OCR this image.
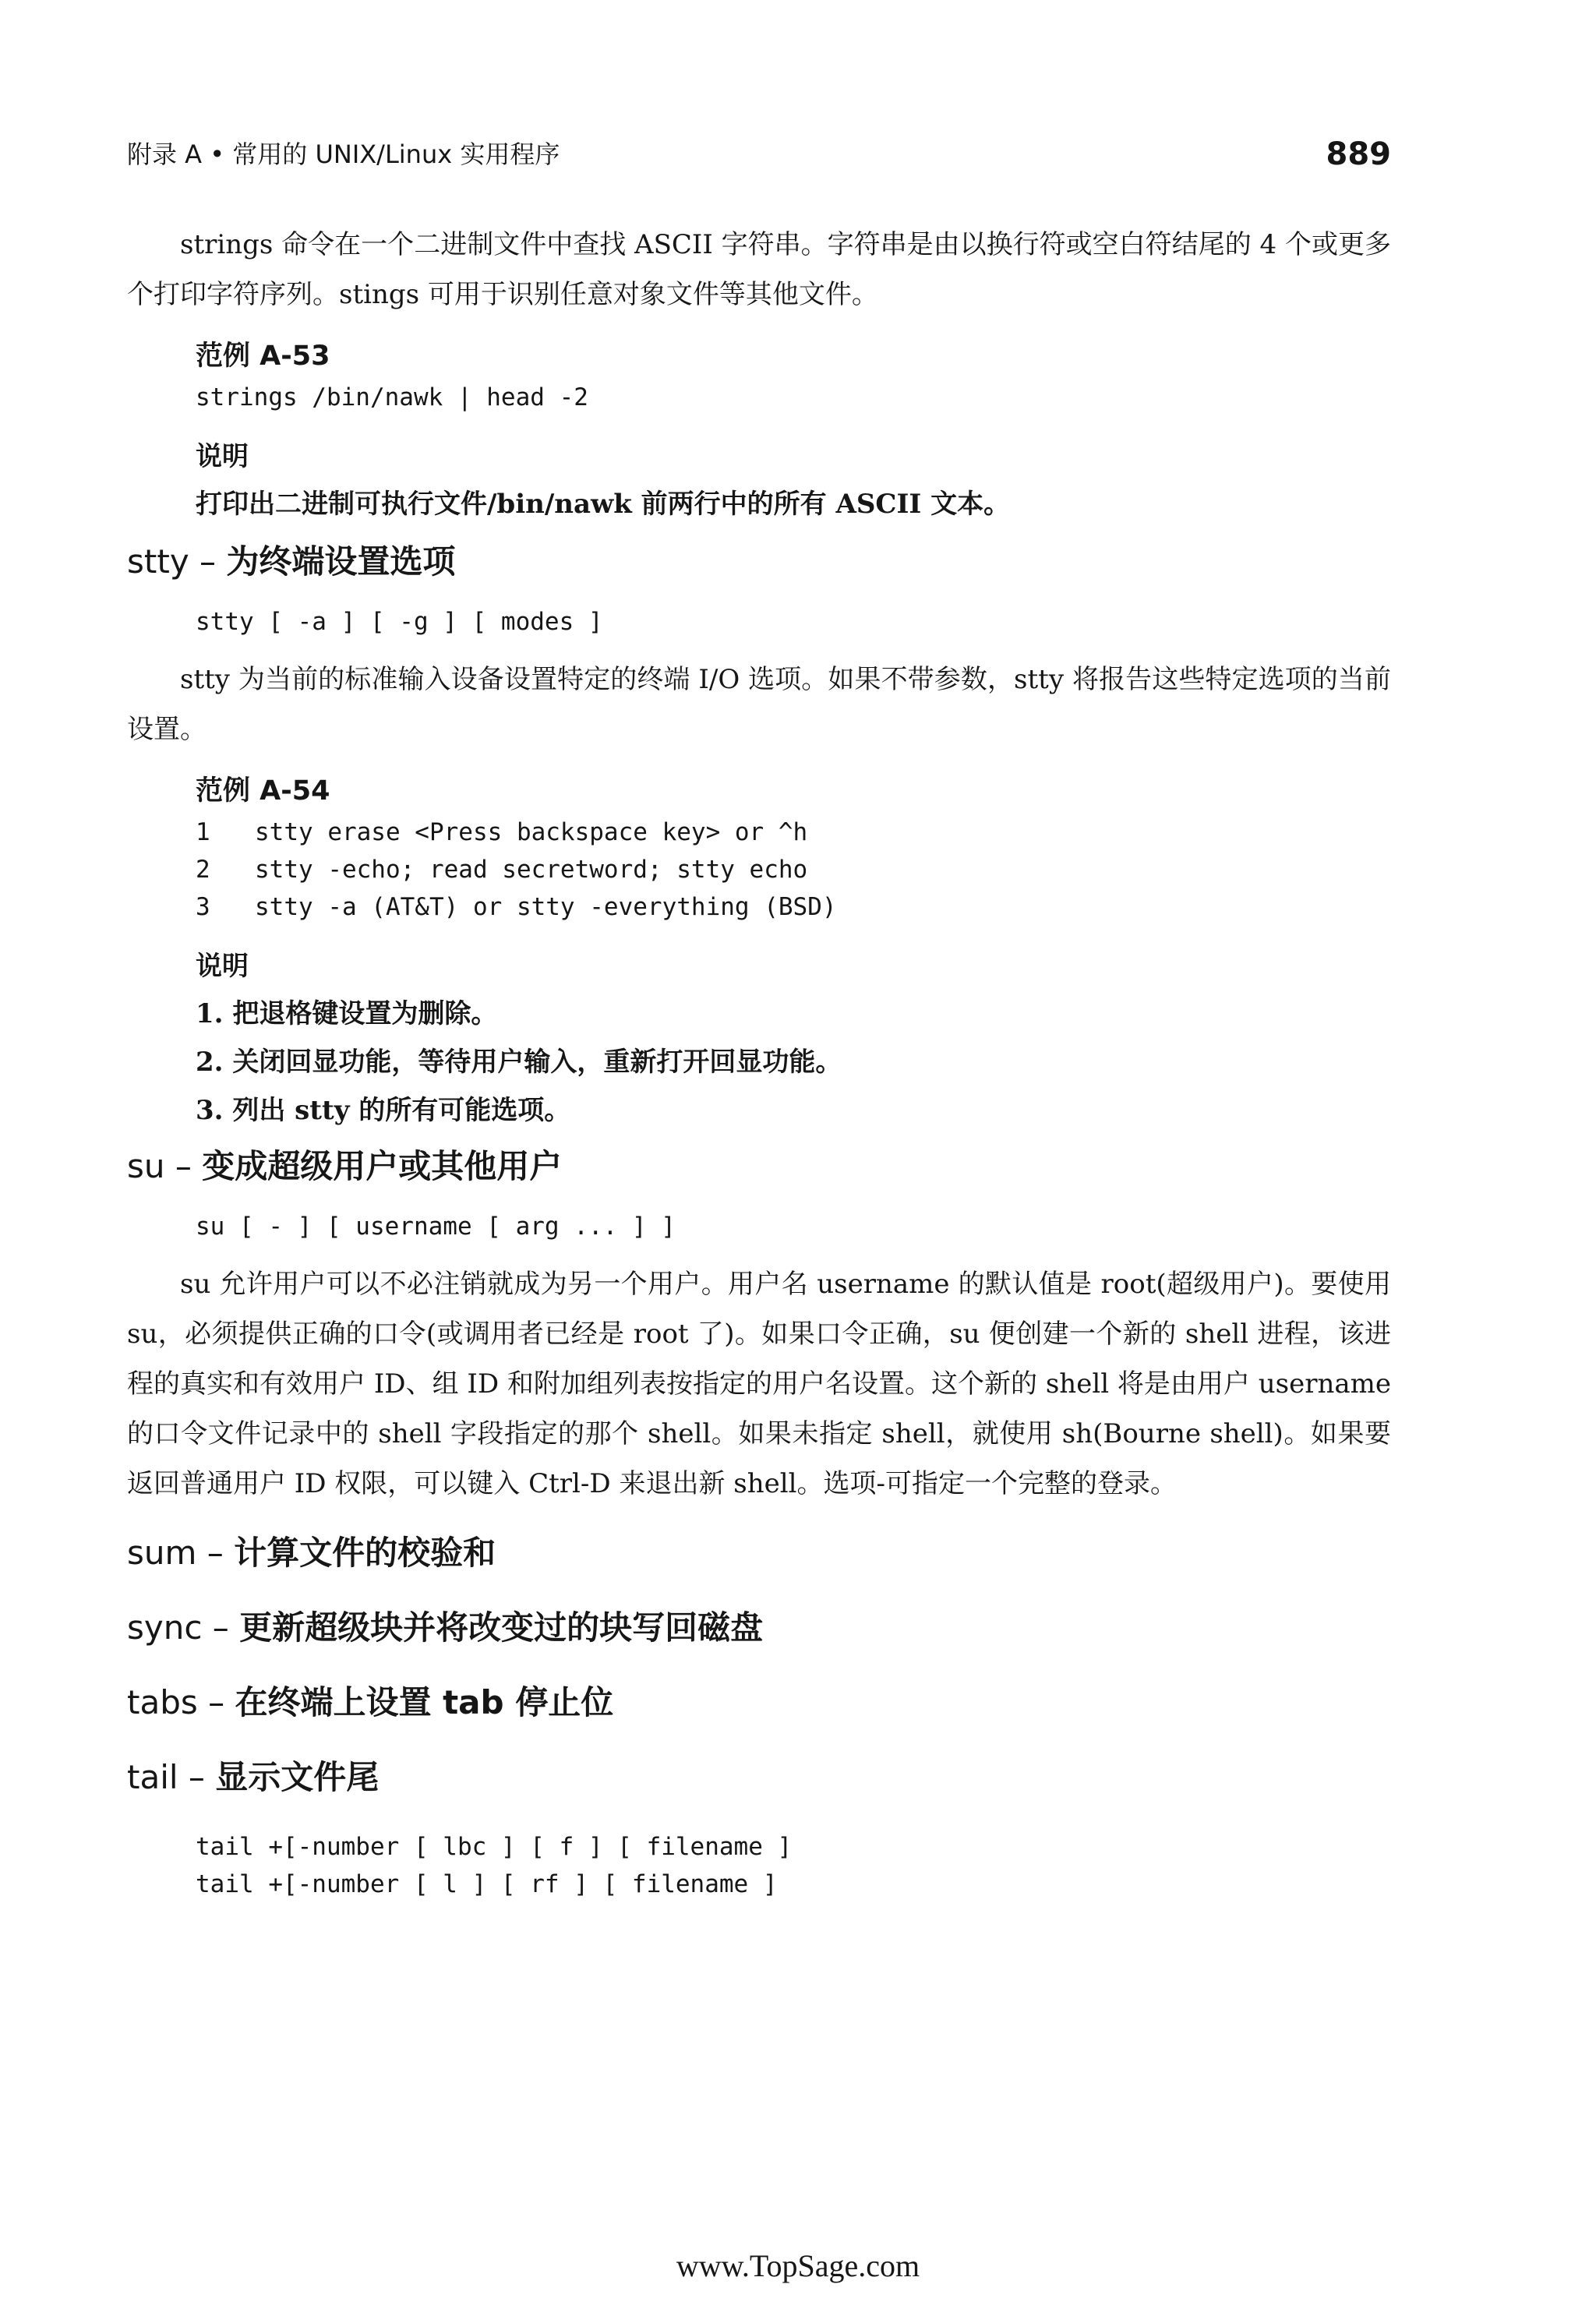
附录 A • 常用的 UNIX/Linux 实用程序	889

strings 命令在一个二进制文件中查找 ASCII 字符串。字符串是由以换行符或空白符结尾的 4 个或更多个打印字符序列。stings 可用于识别任意对象文件等其他文件。

范例 A-53
strings /bin/nawk | head -2
说明
打印出二进制可执行文件/bin/nawk 前两行中的所有 ASCII 文本。
stty – 为终端设置选项
stty [ -a ] [ -g ] [ modes ]

stty 为当前的标准输入设备设置特定的终端 I/O 选项。如果不带参数，stty 将报告这些特定选项的当前设置。

范例 A-54
1 stty erase <Press backspace key> or ^h
2 stty -echo; read secretword; stty echo
3 stty -a (AT&T) or stty -everything (BSD)
说明
1. 把退格键设置为删除。
2. 关闭回显功能，等待用户输入，重新打开回显功能。
3. 列出 stty 的所有可能选项。
su – 变成超级用户或其他用户
su [ - ] [ username [ arg ... ] ]

su 允许用户可以不必注销就成为另一个用户。用户名 username 的默认值是 root(超级用户)。要使用 su，必须提供正确的口令(或调用者已经是 root 了)。如果口令正确，su 便创建一个新的 shell 进程，该进程的真实和有效用户 ID、组 ID 和附加组列表按指定的用户名设置。这个新的 shell 将是由用户 username 的口令文件记录中的 shell 字段指定的那个 shell。如果未指定 shell，就使用 sh(Bourne shell)。如果要返回普通用户 ID 权限，可以键入 Ctrl-D 来退出新 shell。选项-可指定一个完整的登录。

sum – 计算文件的校验和
sync – 更新超级块并将改变过的块写回磁盘
tabs – 在终端上设置 tab 停止位
tail – 显示文件尾
tail +[-number [ lbc ] [ f ] [ filename ]
tail +[-number [ l ] [ rf ] [ filename ]
www.TopSage.com
